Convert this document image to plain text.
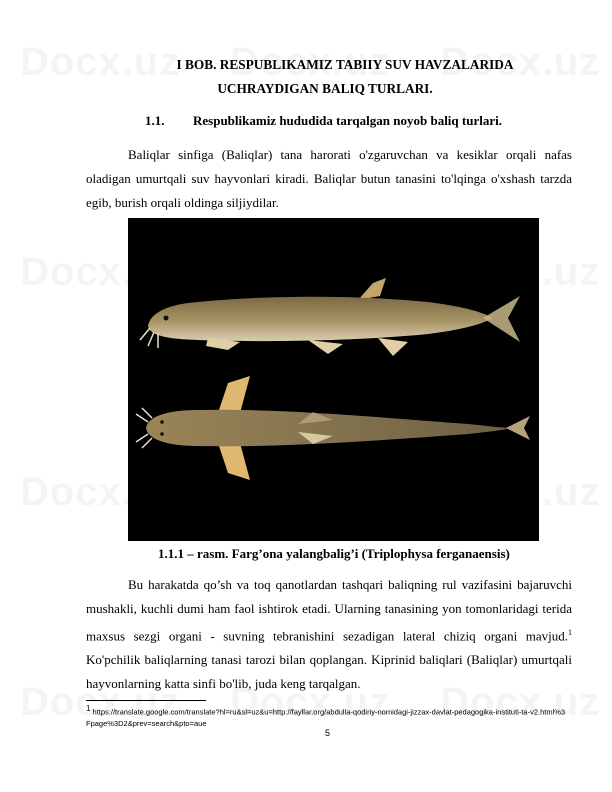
I BOB. RESPUBLIKAMIZ TABIIY SUV HAVZALARIDA
UCHRAYDIGAN BALIQ TURLARI.
1.1. Respublikamiz hududida tarqalgan noyob baliq turlari.
Baliqlar sinfiga (Baliqlar) tana harorati o'zgaruvchan va kesiklar orqali nafas oladigan umurtqali suv hayvonlari kiradi. Baliqlar butun tanasini to'lqinga o'xshash tarzda egib, burish orqali oldinga siljiydilar.
1.1.1 – rasm. Farg’ona yalangbalig’i (Triplophysa ferganaensis)
Bu harakatda qo’sh va toq qanotlardan tashqari baliqning rul vazifasini bajaruvchi mushakli, kuchli dumi ham faol ishtirok etadi. Ularning tanasining yon tomonlaridagi terida maxsus sezgi organi - suvning tebranishini sezadigan lateral chiziq organi mavjud.$^1$ Ko'pchilik baliqlarning tanasi tarozi bilan qoplangan. Kiprinid baliqlari (Baliqlar) umurtqali hayvonlarning katta sinfi bo'lib, juda keng tarqalgan.
$^1$ https://translate.google.com/translate?hl=ru&sl=uz&u=http://fayllar.org/abdulla-qodiriy-nomidagi-jizzax-davlat-pedagogika-instituti-ta-v2.html%3Fpage%3D2&prev=search&pto=aue
5
